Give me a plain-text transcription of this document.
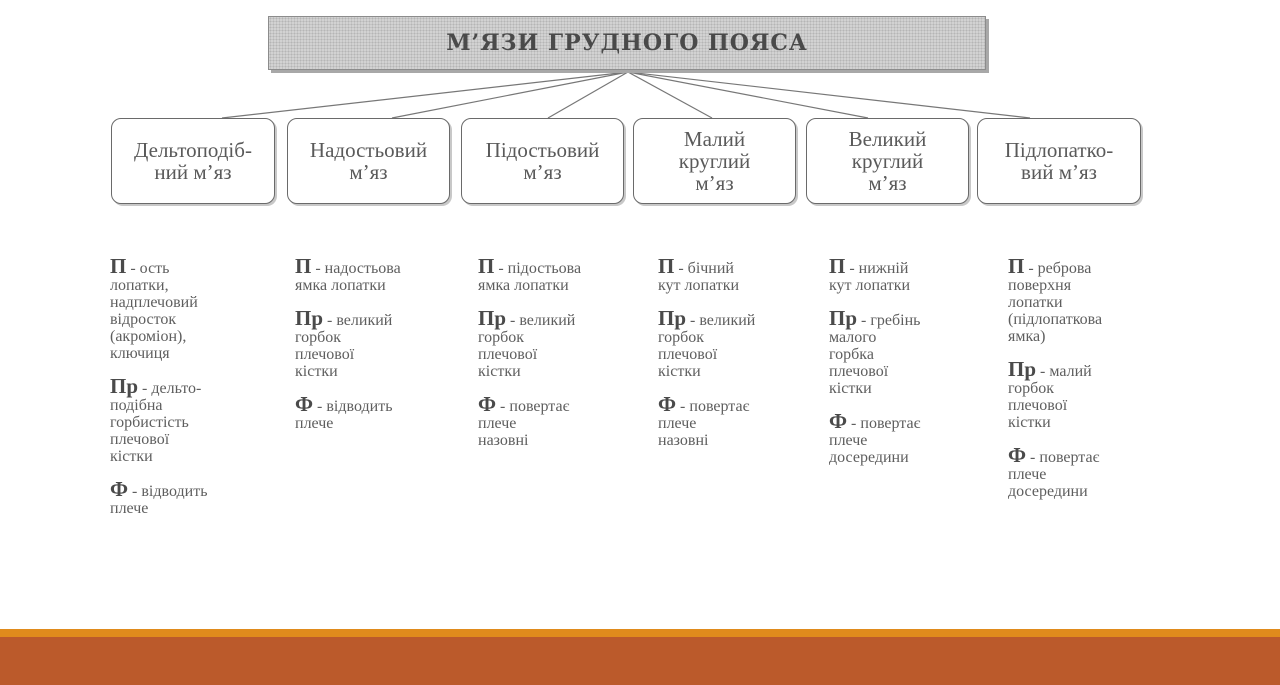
М’ЯЗИ ГРУДНОГО ПОЯСА
Дельтоподіб-
ний м’яз
Надостьовий
м’яз
Підостьовий
м’яз
Малий
круглий
м’яз
Великий
круглий
м’яз
Підлопатко-
вий м’яз
П - ость
лопатки,
надплечовий
відросток
(акроміон),
ключиця
Пр - дельто-
подібна
горбистість
плечової
кістки
Ф - відводить
плече
П - надостьова
ямка лопатки
Пр - великий
горбок
плечової
кістки
Ф - відводить
плече
П - підостьова
ямка лопатки
Пр - великий
горбок
плечової
кістки
Ф - повертає
плече
назовні
П - бічний
кут лопатки
Пр - великий
горбок
плечової
кістки
Ф - повертає
плече
назовні
П - нижній
кут лопатки
Пр - гребінь
малого
горбка
плечової
кістки
Ф - повертає
плече
досередини
П - реброва
поверхня
лопатки
(підлопаткова
ямка)
Пр - малий
горбок
плечової
кістки
Ф - повертає
плече
досередини
